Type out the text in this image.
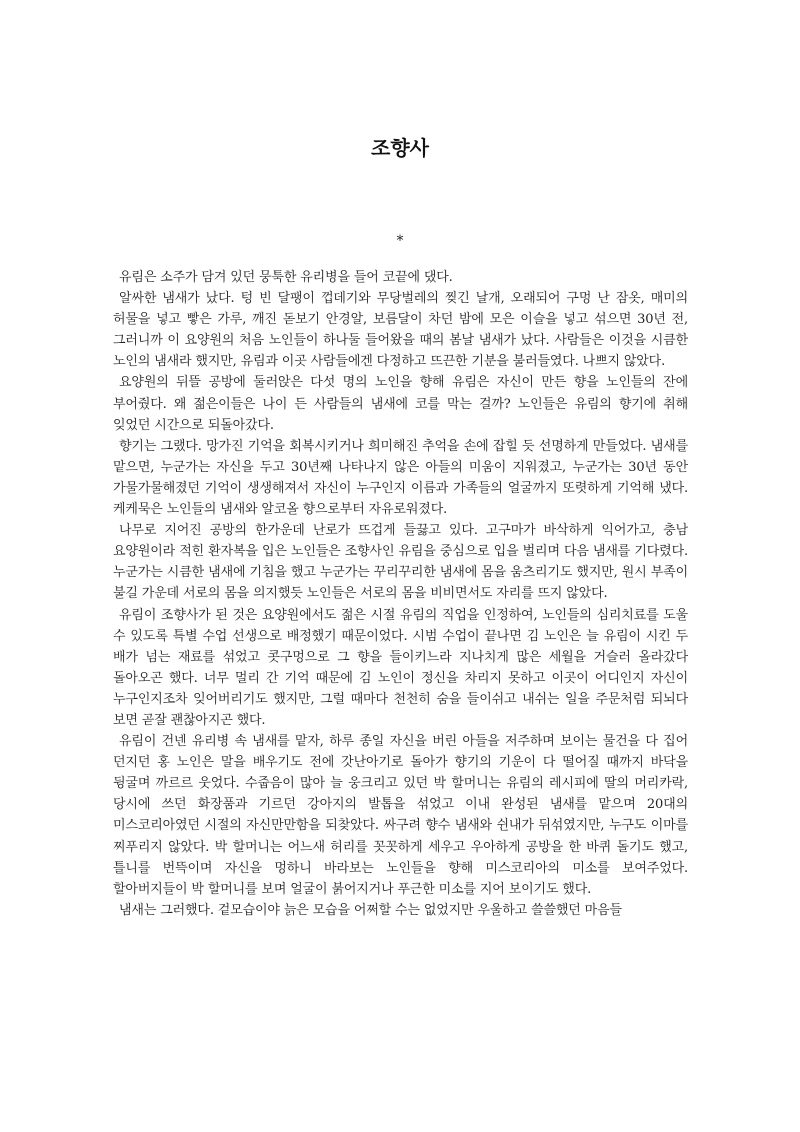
조향사
*

유림은 소주가 담겨 있던 뭉툭한 유리병을 들어 코끝에 댔다.

알싸한 냄새가 났다. 텅 빈 달팽이 껍데기와 무당벌레의 찢긴 날개, 오래되어 구멍 난 잠옷, 매미의 허물을 넣고 빻은 가루, 깨진 돋보기 안경알, 보름달이 차던 밤에 모은 이슬을 넣고 섞으면 30년 전, 그러니까 이 요양원의 처음 노인들이 하나둘 들어왔을 때의 봄날 냄새가 났다. 사람들은 이것을 시큼한 노인의 냄새라 했지만, 유림과 이곳 사람들에겐 다정하고 뜨끈한 기분을 불러들였다. 나쁘지 않았다.

요양원의 뒤뜰 공방에 둘러앉은 다섯 명의 노인을 향해 유림은 자신이 만든 향을 노인들의 잔에 부어줬다. 왜 젊은이들은 나이 든 사람들의 냄새에 코를 막는 걸까? 노인들은 유림의 향기에 취해 잊었던 시간으로 되돌아갔다.

향기는 그랬다. 망가진 기억을 회복시키거나 희미해진 추억을 손에 잡힐 듯 선명하게 만들었다. 냄새를 맡으면, 누군가는 자신을 두고 30년째 나타나지 않은 아들의 미움이 지워졌고, 누군가는 30년 동안 가물가물해졌던 기억이 생생해져서 자신이 누구인지 이름과 가족들의 얼굴까지 또렷하게 기억해 냈다. 케케묵은 노인들의 냄새와 알코올 향으로부터 자유로워졌다.

나무로 지어진 공방의 한가운데 난로가 뜨겁게 들끓고 있다. 고구마가 바삭하게 익어가고, 충남 요양원이라 적힌 환자복을 입은 노인들은 조향사인 유림을 중심으로 입을 벌리며 다음 냄새를 기다렸다. 누군가는 시큼한 냄새에 기침을 했고 누군가는 꾸리꾸리한 냄새에 몸을 움츠리기도 했지만, 원시 부족이 불길 가운데 서로의 몸을 의지했듯 노인들은 서로의 몸을 비비면서도 자리를 뜨지 않았다.

유림이 조향사가 된 것은 요양원에서도 젊은 시절 유림의 직업을 인정하여, 노인들의 심리치료를 도울 수 있도록 특별 수업 선생으로 배정했기 때문이었다. 시범 수업이 끝나면 김 노인은 늘 유림이 시킨 두 배가 넘는 재료를 섞었고 콧구멍으로 그 향을 들이키느라 지나치게 많은 세월을 거슬러 올라갔다 돌아오곤 했다. 너무 멀리 간 기억 때문에 김 노인이 정신을 차리지 못하고 이곳이 어디인지 자신이 누구인지조차 잊어버리기도 했지만, 그럴 때마다 천천히 숨을 들이쉬고 내쉬는 일을 주문처럼 되뇌다 보면 곧잘 괜찮아지곤 했다.

유림이 건넨 유리병 속 냄새를 맡자, 하루 종일 자신을 버린 아들을 저주하며 보이는 물건을 다 집어 던지던 홍 노인은 말을 배우기도 전에 갓난아기로 돌아가 향기의 기운이 다 떨어질 때까지 바닥을 뒹굴며 까르르 웃었다. 수줍음이 많아 늘 웅크리고 있던 박 할머니는 유림의 레시피에 딸의 머리카락, 당시에 쓰던 화장품과 기르던 강아지의 발톱을 섞었고 이내 완성된 냄새를 맡으며 20대의 미스코리아였던 시절의 자신만만함을 되찾았다. 싸구려 향수 냄새와 쉰내가 뒤섞였지만, 누구도 이마를 찌푸리지 않았다. 박 할머니는 어느새 허리를 꼿꼿하게 세우고 우아하게 공방을 한 바퀴 돌기도 했고, 틀니를 번뜩이며 자신을 멍하니 바라보는 노인들을 향해 미스코리아의 미소를 보여주었다. 할아버지들이 박 할머니를 보며 얼굴이 붉어지거나 푸근한 미소를 지어 보이기도 했다.

냄새는 그러했다. 겉모습이야 늙은 모습을 어쩌할 수는 없었지만 우울하고 쓸쓸했던 마음들
